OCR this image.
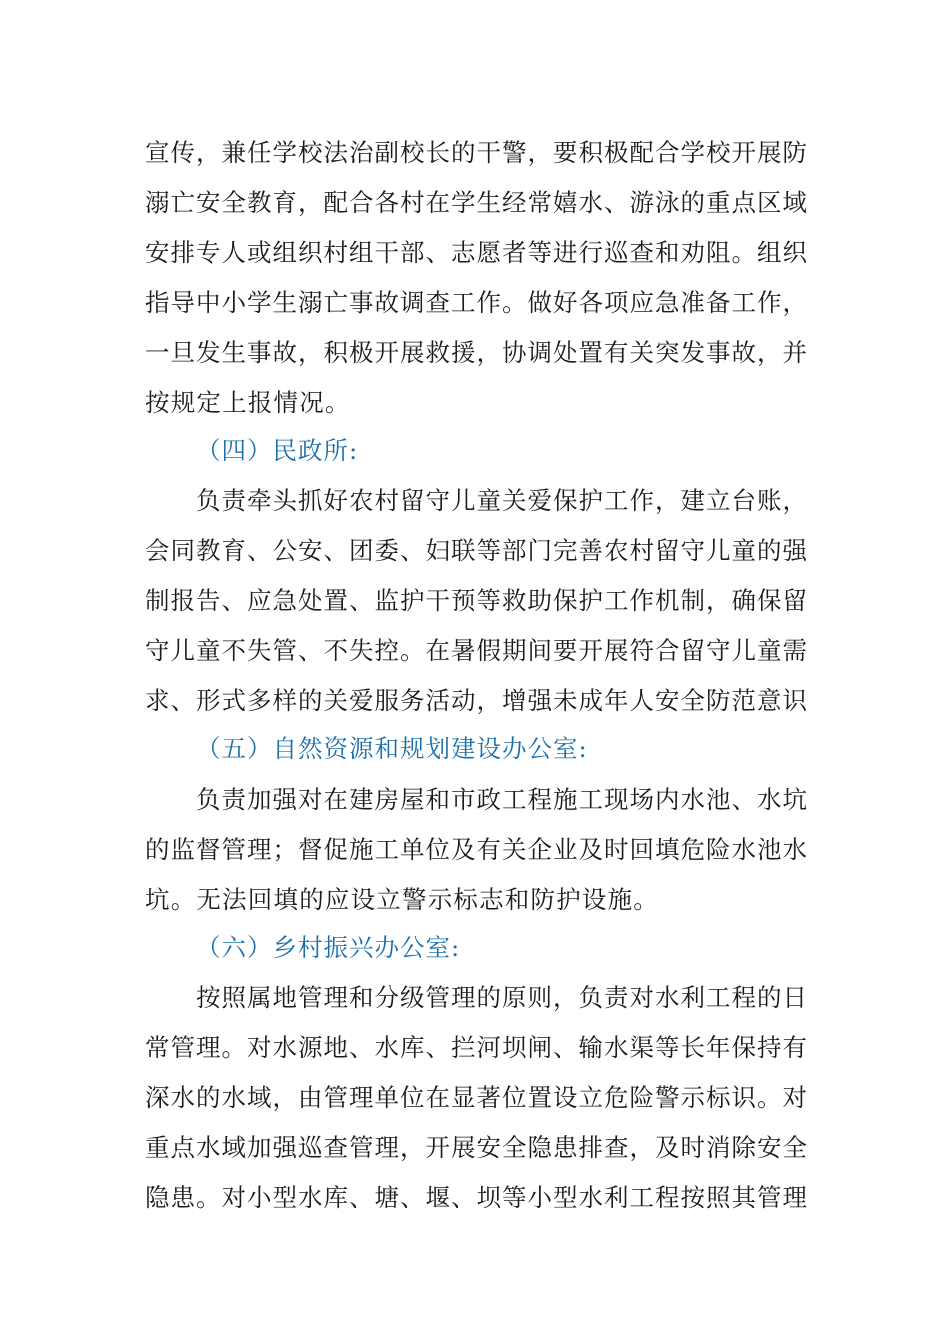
宣传，兼任学校法治副校长的干警，要积极配合学校开展防
溺亡安全教育，配合各村在学生经常嬉水、游泳的重点区域
安排专人或组织村组干部、志愿者等进行巡查和劝阻。组织
指导中小学生溺亡事故调查工作。做好各项应急准备工作，
一旦发生事故，积极开展救援，协调处置有关突发事故，并
按规定上报情况。
（四）民政所:
负责牵头抓好农村留守儿童关爱保护工作，建立台账，
会同教育、公安、团委、妇联等部门完善农村留守儿童的强
制报告、应急处置、监护干预等救助保护工作机制，确保留
守儿童不失管、不失控。在暑假期间要开展符合留守儿童需
求、形式多样的关爱服务活动，增强未成年人安全防范意识
（五）自然资源和规划建设办公室:
负责加强对在建房屋和市政工程施工现场内水池、水坑
的监督管理；督促施工单位及有关企业及时回填危险水池水
坑。无法回填的应设立警示标志和防护设施。
（六）乡村振兴办公室:
按照属地管理和分级管理的原则，负责对水利工程的日
常管理。对水源地、水库、拦河坝闸、输水渠等长年保持有
深水的水域，由管理单位在显著位置设立危险警示标识。对
重点水域加强巡查管理，开展安全隐患排查，及时消除安全
隐患。对小型水库、塘、堰、坝等小型水利工程按照其管理
